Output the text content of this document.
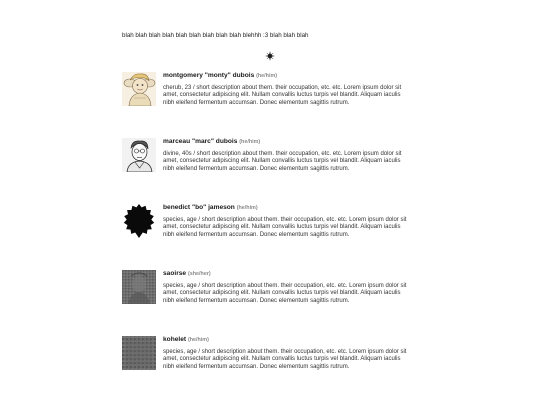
blah blah blah blah blah blah blah blah blah blehhh :3 blah blah blah
montgomery "monty" dubois (he/him)
cherub, 23 / short description about them. their occupation, etc. etc. Lorem ipsum dolor sit amet, consectetur adipiscing elit. Nullam convallis luctus turpis vel blandit. Aliquam iaculis nibh eleifend fermentum accumsan. Donec elementum sagittis rutrum.
marceau "marc" dubois (he/him)
divine, 40s / short description about them. their occupation, etc. etc. Lorem ipsum dolor sit amet, consectetur adipiscing elit. Nullam convallis luctus turpis vel blandit. Aliquam iaculis nibh eleifend fermentum accumsan. Donec elementum sagittis rutrum.
benedict "bo" jameson (he/him)
species, age / short description about them. their occupation, etc. etc. Lorem ipsum dolor sit amet, consectetur adipiscing elit. Nullam convallis luctus turpis vel blandit. Aliquam iaculis nibh eleifend fermentum accumsan. Donec elementum sagittis rutrum.
saoirse (she/her)
species, age / short description about them. their occupation, etc. etc. Lorem ipsum dolor sit amet, consectetur adipiscing elit. Nullam convallis luctus turpis vel blandit. Aliquam iaculis nibh eleifend fermentum accumsan. Donec elementum sagittis rutrum.
kohelet (he/him)
species, age / short description about them. their occupation, etc. etc. Lorem ipsum dolor sit amet, consectetur adipiscing elit. Nullam convallis luctus turpis vel blandit. Aliquam iaculis nibh eleifend fermentum accumsan. Donec elementum sagittis rutrum.
